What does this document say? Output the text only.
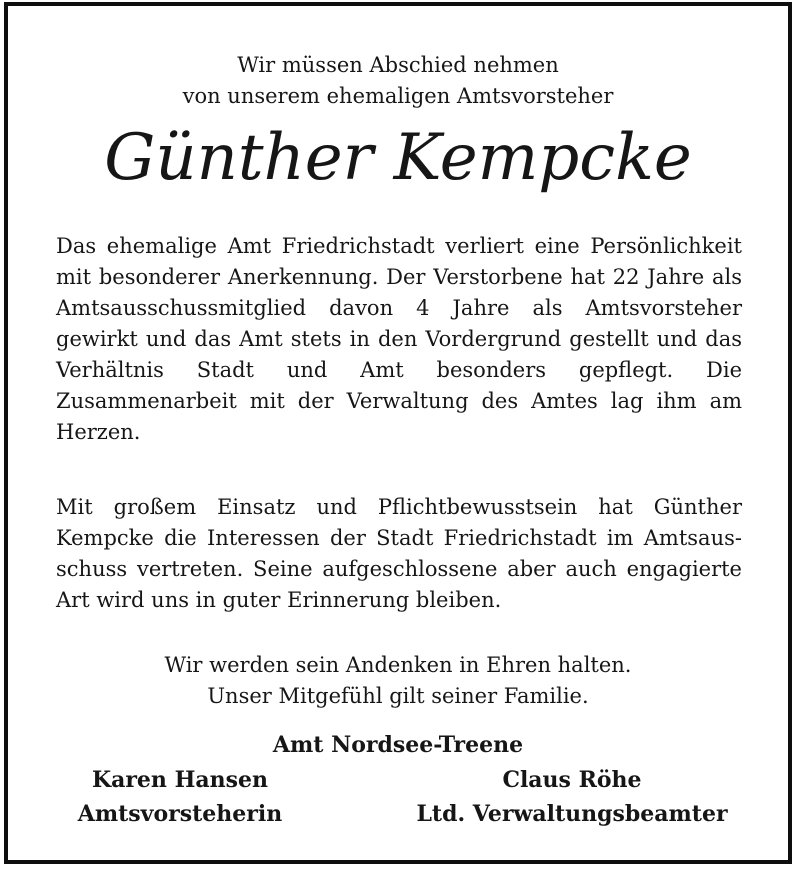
Wir müssen Abschied nehmen
von unserem ehemaligen Amtsvorsteher
Günther Kempcke
Das ehemalige Amt Friedrichstadt verliert eine Persönlichkeit mit besonderer Anerkennung. Der Verstorbene hat 22 Jahre als Amtsausschussmitglied davon 4 Jahre als Amtsvorsteher gewirkt und das Amt stets in den Vordergrund gestellt und das Verhältnis Stadt und Amt besonders gepflegt. Die Zusammenarbeit mit der Verwaltung des Amtes lag ihm am Herzen.
Mit großem Einsatz und Pflichtbewusstsein hat Günther Kempcke die Interessen der Stadt Friedrichstadt im Amtsausschuss vertreten. Seine aufgeschlossene aber auch engagierte Art wird uns in guter Erinnerung bleiben.
Wir werden sein Andenken in Ehren halten.
Unser Mitgefühl gilt seiner Familie.
Amt Nordsee-Treene
Karen Hansen
Amtsvorsteherin
Claus Röhe
Ltd. Verwaltungsbeamter
